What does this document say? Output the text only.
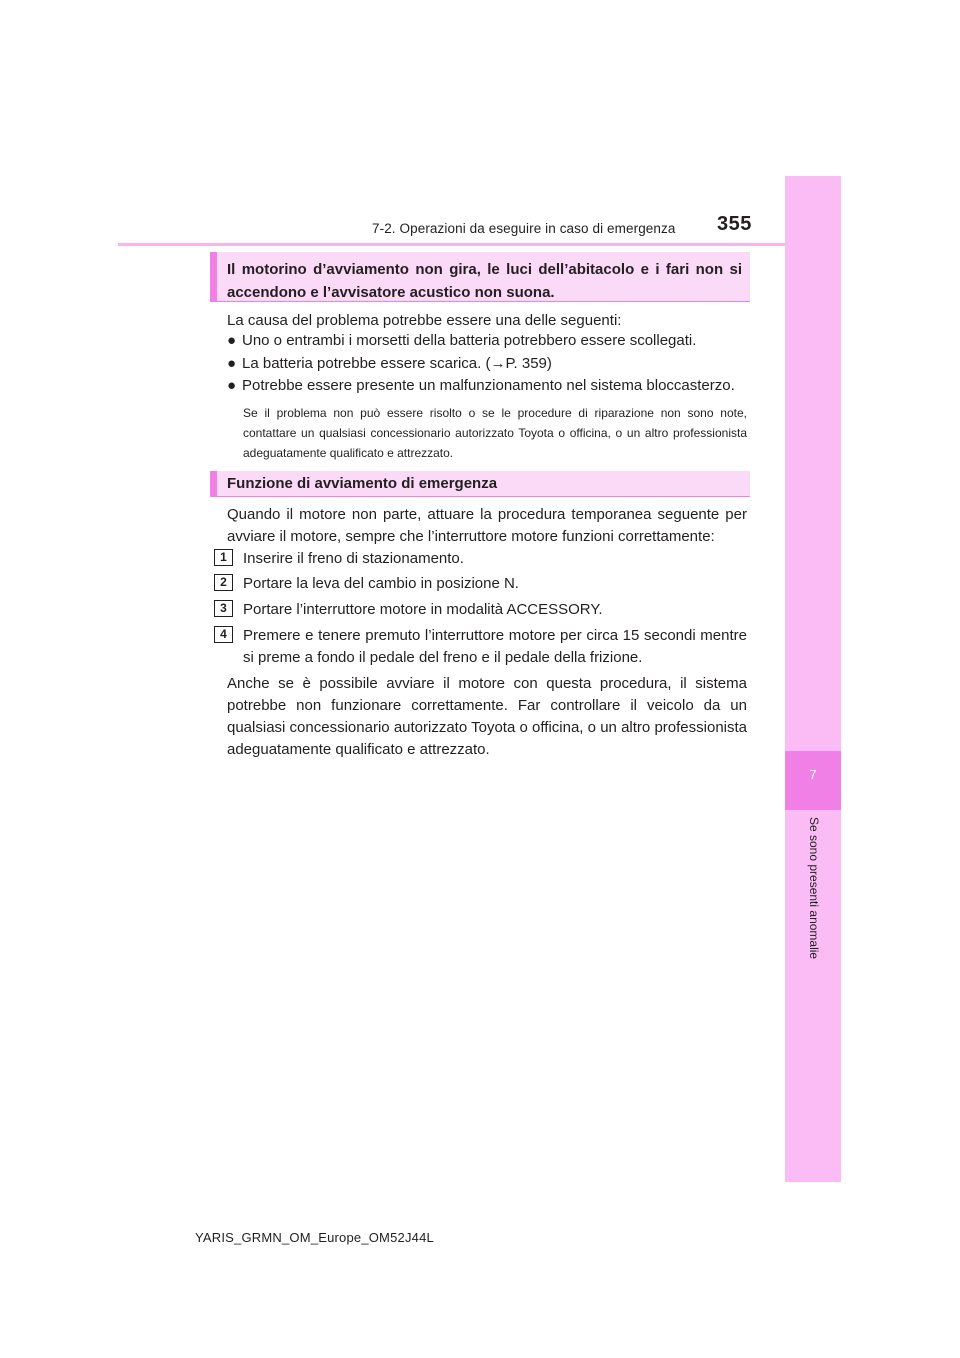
7-2. Operazioni da eseguire in caso di emergenza	355
7
Se sono presenti anomalie
Il motorino d’avviamento non gira, le luci dell’abitacolo e i fari non si accendono e l’avvisatore acustico non suona.
La causa del problema potrebbe essere una delle seguenti:
● Uno o entrambi i morsetti della batteria potrebbero essere scollegati.
● La batteria potrebbe essere scarica. (→P. 359)
● Potrebbe essere presente un malfunzionamento nel sistema bloccasterzo.
Se il problema non può essere risolto o se le procedure di riparazione non sono note, contattare un qualsiasi concessionario autorizzato Toyota o officina, o un altro professionista adeguatamente qualificato e attrezzato.
Funzione di avviamento di emergenza
Quando il motore non parte, attuare la procedura temporanea seguente per avviare il motore, sempre che l’interruttore motore funzioni correttamente:
1	Inserire il freno di stazionamento.
2	Portare la leva del cambio in posizione N.
3	Portare l’interruttore motore in modalità ACCESSORY.
4	Premere e tenere premuto l’interruttore motore per circa 15 secondi mentre si preme a fondo il pedale del freno e il pedale della frizione.
Anche se è possibile avviare il motore con questa procedura, il sistema potrebbe non funzionare correttamente. Far controllare il veicolo da un qualsiasi concessionario autorizzato Toyota o officina, o un altro professionista adeguatamente qualificato e attrezzato.
YARIS_GRMN_OM_Europe_OM52J44L
